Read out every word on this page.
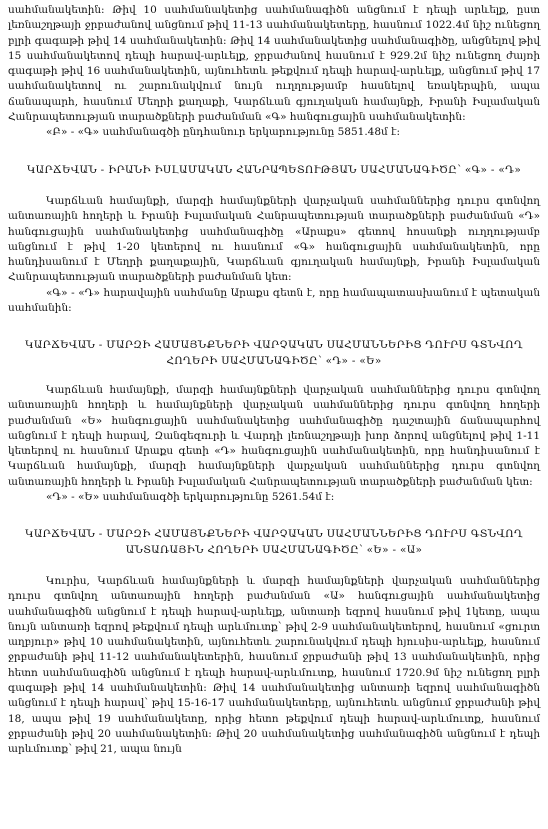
սահմանակետին: Թիվ 10 սահմանակետից սահմանագիծն անցնում է դեպի արևելք, ըստ լեռնաշղթայի ջրբաժանով անցնում թիվ 11-13 սահմանակետերը, հասնում 1022.4մ նիշ ունեցող բլրի գագաթի թիվ 14 սահմանակետին: Թիվ 14 սահմանակետից սահմանագիծը, անցնելով թիվ 15 սահմանակետով դեպի հարավ-արևելք, ջրբաժանով հասնում է 929.2մ նիշ ունեցող ժայռի գագաթի թիվ 16 սահմանակետին, այնուհետև թեքվում դեպի հարավ-արևելք, անցնում թիվ 17 սահմանակետով ու շարունակվում նույն ուղղությամբ հասնելով եռակերպին, ապա ճանապարհ, հասնում Մեղրի քաղաքի, Կարճևան գյուղական համայնքի, Իրանի Իսլամական Հանրապետության տարածքների բաժանման «Գ» հանգուցային սահմանակետին:

«Բ» - «Գ» սահմանագծի ընդհանուր երկարությունը 5851.48մ է:

ԿԱՐՃԵՎԱՆ - ԻՐԱՆԻ ԻՍԼԱՄԱԿԱՆ ՀԱՆՐԱՊԵՏՈՒԹՅԱՆ ՍԱՀՄԱՆԱԳԻԾԸ՝ «Գ» - «Դ»

Կարճևան համայնքի, մարզի համայնքների վարչական սահմաններից դուրս գտնվող անտառային հողերի և Իրանի Իսլամական Հանրապետության տարածքների բաժանման «Դ» հանգուցային սահմանակետից սահմանագիծը «Արաքս» գետով հոսանքի ուղղությամբ անցնում է թիվ 1-20 կետերով ու հասնում «Գ» հանգուցային սահմանակետին, որը հանդիսանում է Մեղրի քաղաքային, Կարճևան գյուղական համայնքի, Իրանի Իսլամական Հանրապետության տարածքների բաժանման կետ:

«Գ» - «Դ» հարավային սահմանը Արաքս գետն է, որը համապատասխանում է պետական սահմանին:

ԿԱՐՃԵՎԱՆ - ՄԱՐԶԻ ՀԱՄԱՅՆՔՆԵՐԻ ՎԱՐՉԱԿԱՆ ՍԱՀՄԱՆՆԵՐԻՑ ԴՈՒՐՍ ԳՏՆՎՈՂ

ՀՈՂԵՐԻ ՍԱՀՄԱՆԱԳԻԾԸ՝ «Դ» - «Ե»

Կարճևան համայնքի, մարզի համայնքների վարչական սահմաններից դուրս գտնվող անտառային հողերի և համայնքների վարչական սահմաններից դուրս գտնվող հողերի բաժանման «Ե» հանգուցային սահմանակետից սահմանագիծը դաշտային ճանապարհով անցնում է դեպի հարավ, Զանգեզուրի և Վարդի լեռնաշղթայի խոր ձորով անցնելով թիվ 1-11 կետերով ու հասնում Արաքս գետի «Դ» հանգուցային սահմանակետին, որը հանդիսանում է Կարճևան համայնքի, մարզի համայնքների վարչական սահմաններից դուրս գտնվող անտառային հողերի և Իրանի Իսլամական Հանրապետության տարածքների բաժանման կետ:

«Դ» - «Ե» սահմանագծի երկարությունը 5261.54մ է:

ԿԱՐՃԵՎԱՆ - ՄԱՐԶԻ ՀԱՄԱՅՆՔՆԵՐԻ ՎԱՐՉԱԿԱՆ ՍԱՀՄԱՆՆԵՐԻՑ ԴՈՒՐՍ ԳՏՆՎՈՂ

ԱՆՏԱՌԱՅԻՆ ՀՈՂԵՐԻ ՍԱՀՄԱՆԱԳԻԾԸ՝ «Ե» - «Ա»

Կուրիս, Կարճևան համայնքների և մարզի համայնքների վարչական սահմաններից դուրս գտնվող անտառային հողերի բաժանման «Ա» հանգուցային սահմանակետից սահմանագիծն անցնում է դեպի հարավ-արևելք, անտառի եզրով հասնում թիվ 1կետը, ապա նույն անտառի եզրով թեքվում դեպի արևմուտք՝ թիվ 2-9 սահմանակետերով, հասնում «ցուրտ աղբյուր» թիվ 10 սահմանակետին, այնուհետև շարունակվում դեպի հյուսիս-արևելք, հասնում ջրբաժանի թիվ 11-12 սահմանակետերին, հասնում ջրբաժանի թիվ 13 սահմանակետին, որից հետո սահմանագիծն անցնում է դեպի հարավ-արևմուտք, հասնում 1720.9մ նիշ ունեցող բլրի գագաթի թիվ 14 սահմանակետին: Թիվ 14 սահմանակետից անտառի եզրով սահմանագիծն անցնում է դեպի հարավ՝ թիվ 15-16-17 սահմանակետերը, այնուհետև անցնում ջրբաժանի թիվ 18, ապա թիվ 19 սահմանակետը, որից հետո թեքվում դեպի հարավ-արևմուտք, հասնում ջրբաժանի թիվ 20 սահմանակետին: Թիվ 20 սահմանակետից սահմանագիծն անցնում է դեպի արևմուտք՝ թիվ 21, ապա նույն
